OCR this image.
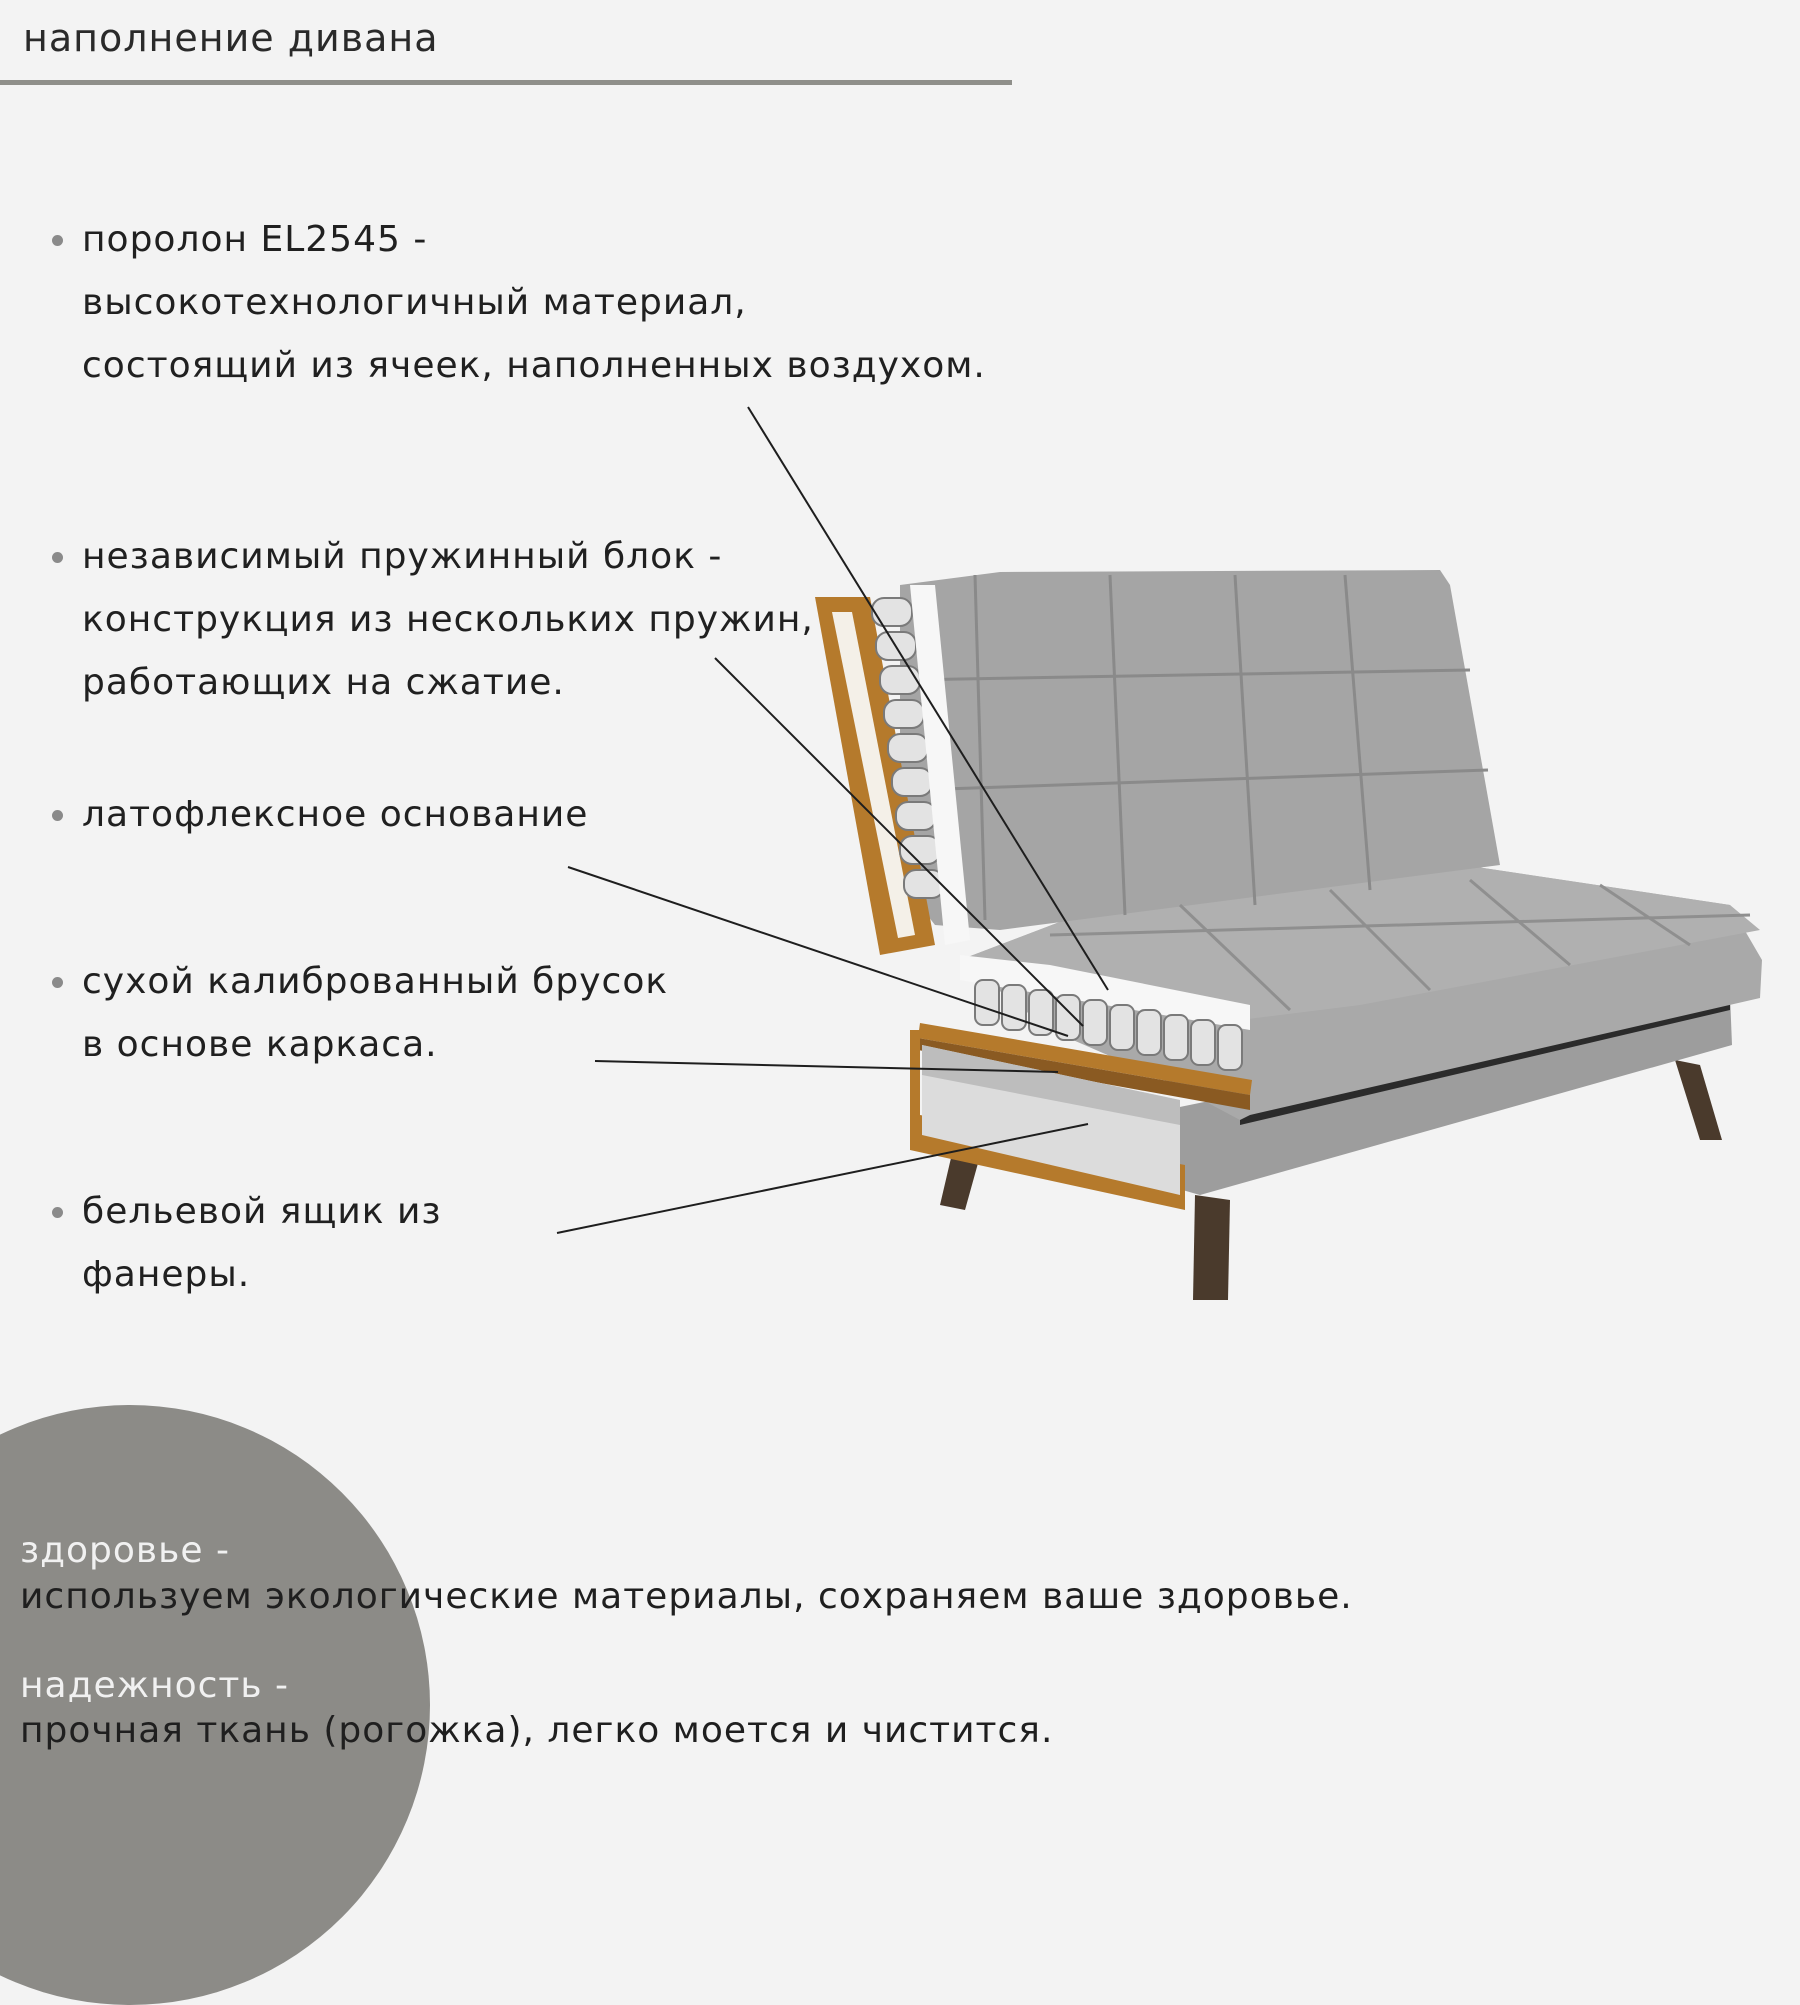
наполнение дивана
поролон EL2545 -
высокотехнологичный материал,
состоящий из ячеек, наполненных воздухом.
независимый пружинный блок -
конструкция из нескольких пружин,
работающих на сжатие.
латофлексное основание
сухой калиброванный брусок
в основе каркаса.
бельевой ящик из
фанеры.
здоровье -
используем экологические материалы, сохраняем ваше здоровье.
надежность -
прочная ткань (рогожка), легко моется и чистится.
